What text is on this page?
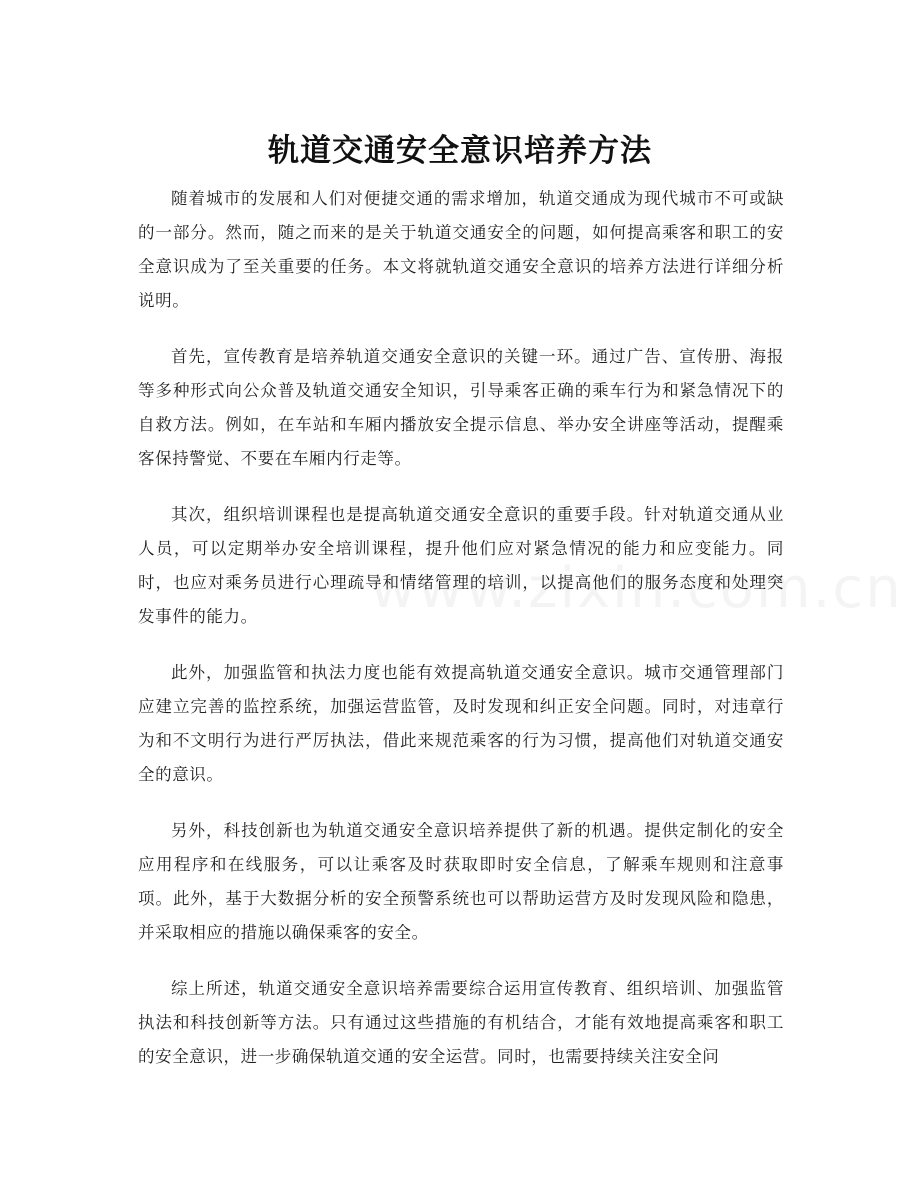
轨道交通安全意识培养方法

随着城市的发展和人们对便捷交通的需求增加，轨道交通成为现代城市不可或缺的一部分。然而，随之而来的是关于轨道交通安全的问题，如何提高乘客和职工的安全意识成为了至关重要的任务。本文将就轨道交通安全意识的培养方法进行详细分析说明。

首先，宣传教育是培养轨道交通安全意识的关键一环。通过广告、宣传册、海报等多种形式向公众普及轨道交通安全知识，引导乘客正确的乘车行为和紧急情况下的自救方法。例如，在车站和车厢内播放安全提示信息、举办安全讲座等活动，提醒乘客保持警觉、不要在车厢内行走等。

其次，组织培训课程也是提高轨道交通安全意识的重要手段。针对轨道交通从业人员，可以定期举办安全培训课程，提升他们应对紧急情况的能力和应变能力。同时，也应对乘务员进行心理疏导和情绪管理的培训，以提高他们的服务态度和处理突发事件的能力。

此外，加强监管和执法力度也能有效提高轨道交通安全意识。城市交通管理部门应建立完善的监控系统，加强运营监管，及时发现和纠正安全问题。同时，对违章行为和不文明行为进行严厉执法，借此来规范乘客的行为习惯，提高他们对轨道交通安全的意识。

另外，科技创新也为轨道交通安全意识培养提供了新的机遇。提供定制化的安全应用程序和在线服务，可以让乘客及时获取即时安全信息，了解乘车规则和注意事项。此外，基于大数据分析的安全预警系统也可以帮助运营方及时发现风险和隐患，并采取相应的措施以确保乘客的安全。

综上所述，轨道交通安全意识培养需要综合运用宣传教育、组织培训、加强监管执法和科技创新等方法。只有通过这些措施的有机结合，才能有效地提高乘客和职工的安全意识，进一步确保轨道交通的安全运营。同时，也需要持续关注安全问
